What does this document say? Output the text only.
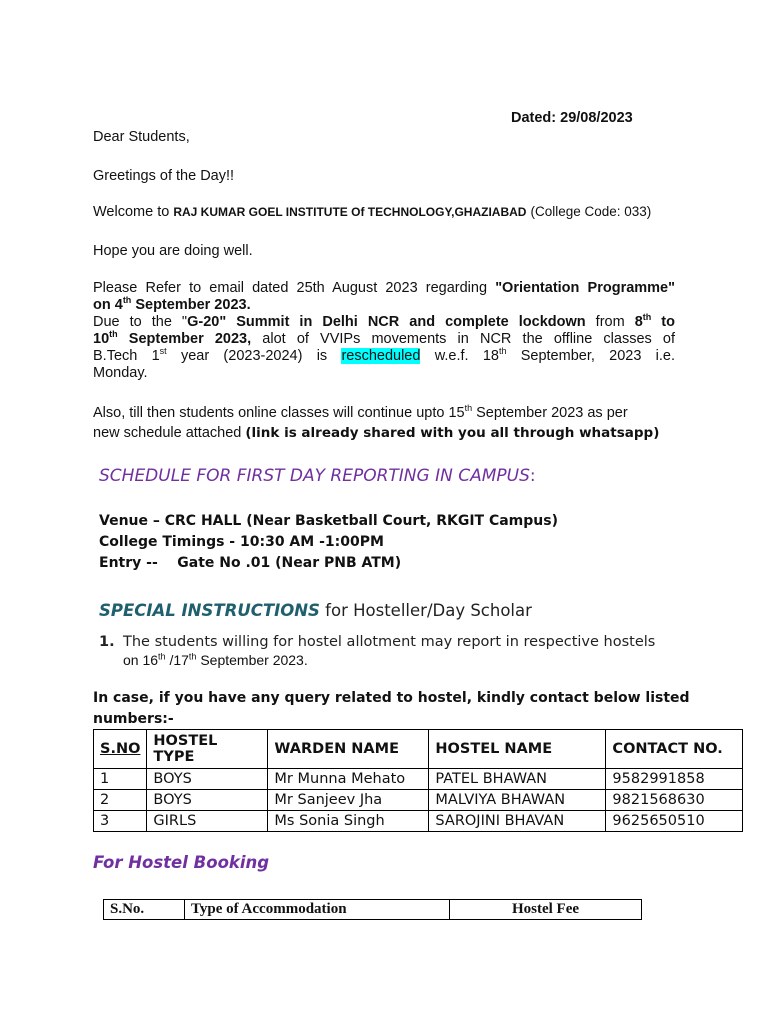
Dated: 29/08/2023
Dear Students,
Greetings of the Day!!
Welcome to RAJ KUMAR GOEL INSTITUTE Of TECHNOLOGY,GHAZIABAD (College Code: 033)
Hope you are doing well.
Please Refer to email dated 25th August 2023 regarding "Orientation Programme"
on 4th September 2023.
Due to the "G-20" Summit in Delhi NCR and complete lockdown from 8th to
10th September 2023, alot of VVIPs movements in NCR the offline classes of
B.Tech 1st year (2023-2024) is rescheduled w.e.f. 18th September, 2023 i.e.
Monday.
Also, till then students online classes will continue upto 15th September 2023 as per
new schedule attached (link is already shared with you all through whatsapp)
SCHEDULE FOR FIRST DAY REPORTING IN CAMPUS:
Venue – CRC HALL (Near Basketball Court, RKGIT Campus)
College Timings - 10:30 AM -1:00PM
Entry -- Gate No .01 (Near PNB ATM)
SPECIAL INSTRUCTIONS for Hosteller/Day Scholar
1. The students willing for hostel allotment may report in respective hostels
on 16th /17th September 2023.
In case, if you have any query related to hostel, kindly contact below listed
numbers:-
S.NO	HOSTEL TYPE	WARDEN NAME	HOSTEL NAME	CONTACT NO.
1	BOYS	Mr Munna Mehato	PATEL BHAWAN	9582991858
2	BOYS	Mr Sanjeev Jha	MALVIYA BHAWAN	9821568630
3	GIRLS	Ms Sonia Singh	SAROJINI BHAVAN	9625650510
For Hostel Booking
S.No.	Type of Accommodation	Hostel Fee
